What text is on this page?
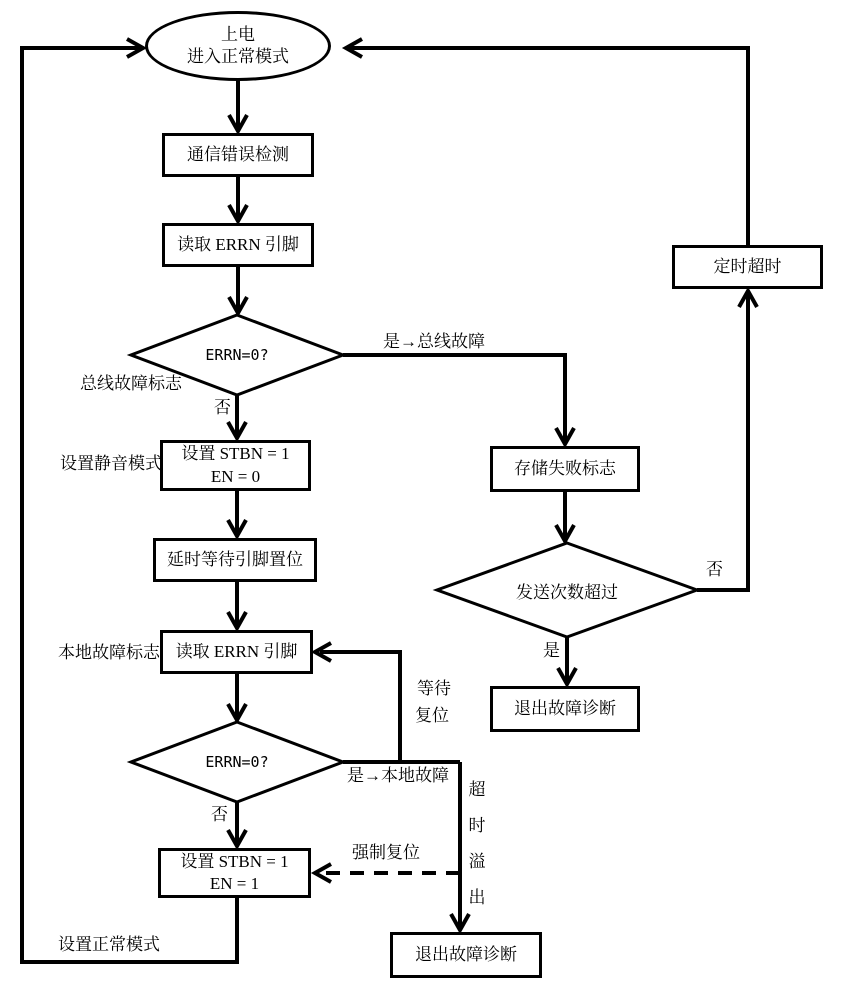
上电
进入正常模式
通信错误检测
读取 ERRN 引脚
设置 STBN = 1
EN = 0
延时等待引脚置位
读取 ERRN 引脚
设置 STBN = 1
EN = 1
定时超时
存储失败标志
退出故障诊断
退出故障诊断
ERRN=0?
ERRN=0?
发送次数超过
总线故障标志
否
是→总线故障
设置静音模式
本地故障标志
等待
复位
是→本地故障
否
强制复位
超时溢出
否
是
设置正常模式
